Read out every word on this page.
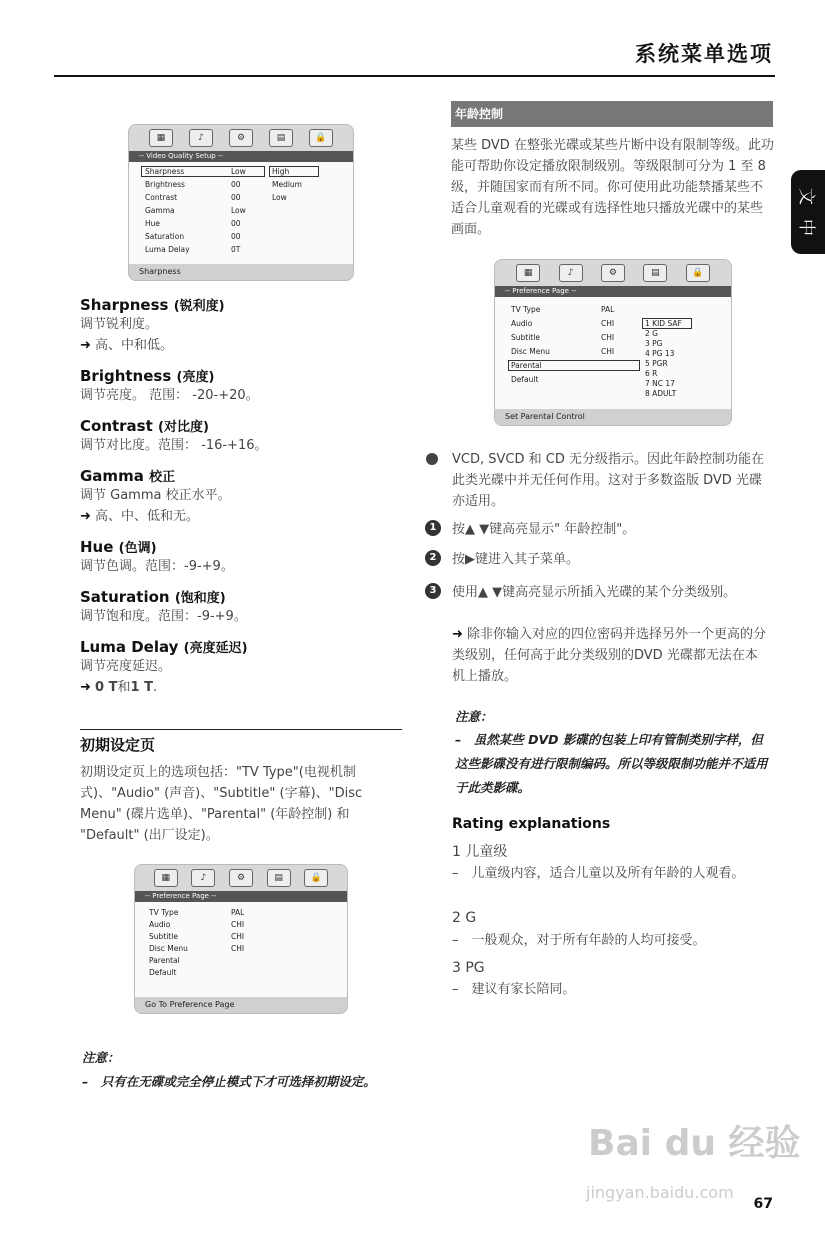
系统菜单选项
文
中
▦	♪	⚙	▤	🔒
-- Video Quality Setup --
Sharpness	Low
Brightness	00
Contrast	00
Gamma	Low
Hue	00
Saturation	00
Luma Delay	0T
High
Medium
Low
Sharpness
Sharpness (锐利度)
调节锐利度。
➜ 高、中和低。
Brightness (亮度)
调节亮度。 范围： -20-+20。
Contrast (对比度)
调节对比度。范围： -16-+16。
Gamma 校正
调节 Gamma 校正水平。
➜ 高、中、低和无。
Hue (色调)
调节色调。范围：-9-+9。
Saturation (饱和度)
调节饱和度。范围：-9-+9。
Luma Delay (亮度延迟)
调节亮度延迟。
➜ 0 T和1 T.
初期设定页
初期设定页上的选项包括："TV Type"(电视机制式)、"Audio" (声音)、"Subtitle" (字幕)、"Disc Menu" (碟片选单)、"Parental" (年龄控制) 和 "Default" (出厂设定)。
▦	♪	⚙	▤	🔒
-- Preference Page --
TV Type	PAL
Audio	CHI
Subtitle	CHI
Disc Menu	CHI
Parental
Default
Go To Preference Page
注意：
–　只有在无碟或完全停止模式下才可选择初期设定。
年龄控制
某些 DVD 在整张光碟或某些片断中设有限制等级。此功能可帮助你设定播放限制级别。等级限制可分为 1 至 8 级，并随国家而有所不同。你可使用此功能禁播某些不适合儿童观看的光碟或有选择性地只播放光碟中的某些画面。
▦	♪	⚙	▤	🔒
-- Preference Page --
TV Type	PAL
Audio	CHI
Subtitle	CHI
Disc Menu	CHI
Parental
Default
1 KID SAF
2 G
3 PG
4 PG 13
5 PGR
6 R
7 NC 17
8 ADULT
Set Parental Control
VCD, SVCD 和 CD 无分级指示。因此年龄控制功能在此类光碟中并无任何作用。这对于多数盗版 DVD 光碟亦适用。
1	按▲ ▼键高亮显示" 年龄控制"。
2	按▶键进入其子菜单。
3	使用▲ ▼键高亮显示所插入光碟的某个分类级别。
➜ 除非你输入对应的四位密码并选择另外一个更高的分类级别，任何高于此分类级别的DVD 光碟都无法在本机上播放。
注意：
–　虽然某些 DVD 影碟的包装上印有管制类别字样，但这些影碟没有进行限制编码。所以等级限制功能并不适用于此类影碟。
Rating explanations
1 儿童级
–　儿童级内容，适合儿童以及所有年龄的人观看。
2 G
–　一般观众，对于所有年龄的人均可接受。
3 PG
–　建议有家长陪同。
Bai du 经验
jingyan.baidu.com
67
